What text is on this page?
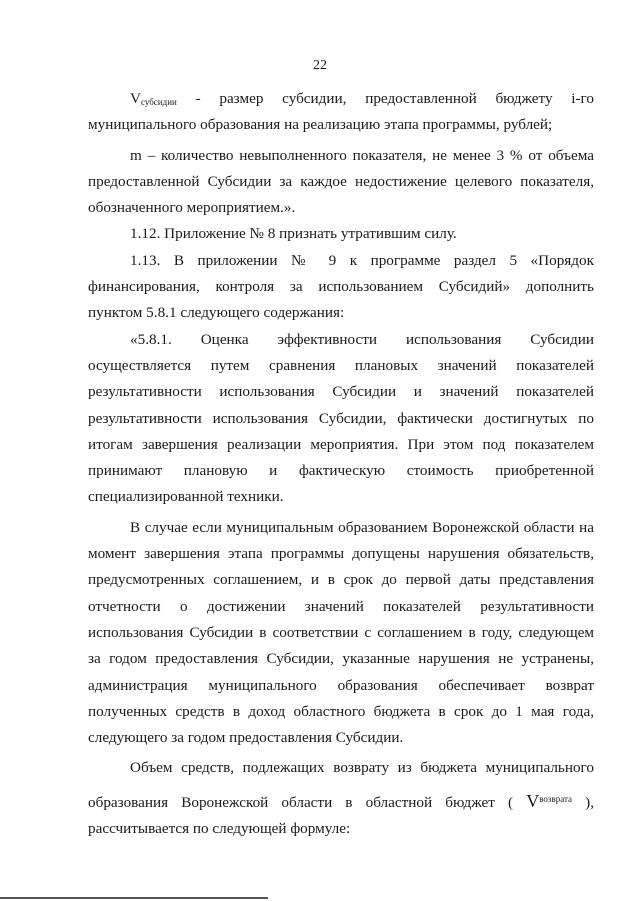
22
Vсубсидии - размер субсидии, предоставленной бюджету i-го
муниципального образования на реализацию этапа программы, рублей;
m – количество невыполненного показателя, не менее 3 % от объема
предоставленной Субсидии за каждое недостижение целевого показателя,
обозначенного мероприятием.».
1.12. Приложение № 8 признать утратившим силу.
1.13. В приложении № 9 к программе раздел 5 «Порядок
финансирования, контроля за использованием Субсидий» дополнить
пунктом 5.8.1 следующего содержания:
«5.8.1. Оценка эффективности использования Субсидии
осуществляется путем сравнения плановых значений показателей
результативности использования Субсидии и значений показателей
результативности использования Субсидии, фактически достигнутых по
итогам завершения реализации мероприятия. При этом под показателем
принимают плановую и фактическую стоимость приобретенной
специализированной техники.
В случае если муниципальным образованием Воронежской области на
момент завершения этапа программы допущены нарушения обязательств,
предусмотренных соглашением, и в срок до первой даты представления
отчетности о достижении значений показателей результативности
использования Субсидии в соответствии с соглашением в году, следующем
за годом предоставления Субсидии, указанные нарушения не устранены,
администрация муниципального образования обеспечивает возврат
полученных средств в доход областного бюджета в срок до 1 мая года,
следующего за годом предоставления Субсидии.
Объем средств, подлежащих возврату из бюджета муниципального
образования Воронежской области в областной бюджет ( $V^{возврата}$ ),
рассчитывается по следующей формуле:
